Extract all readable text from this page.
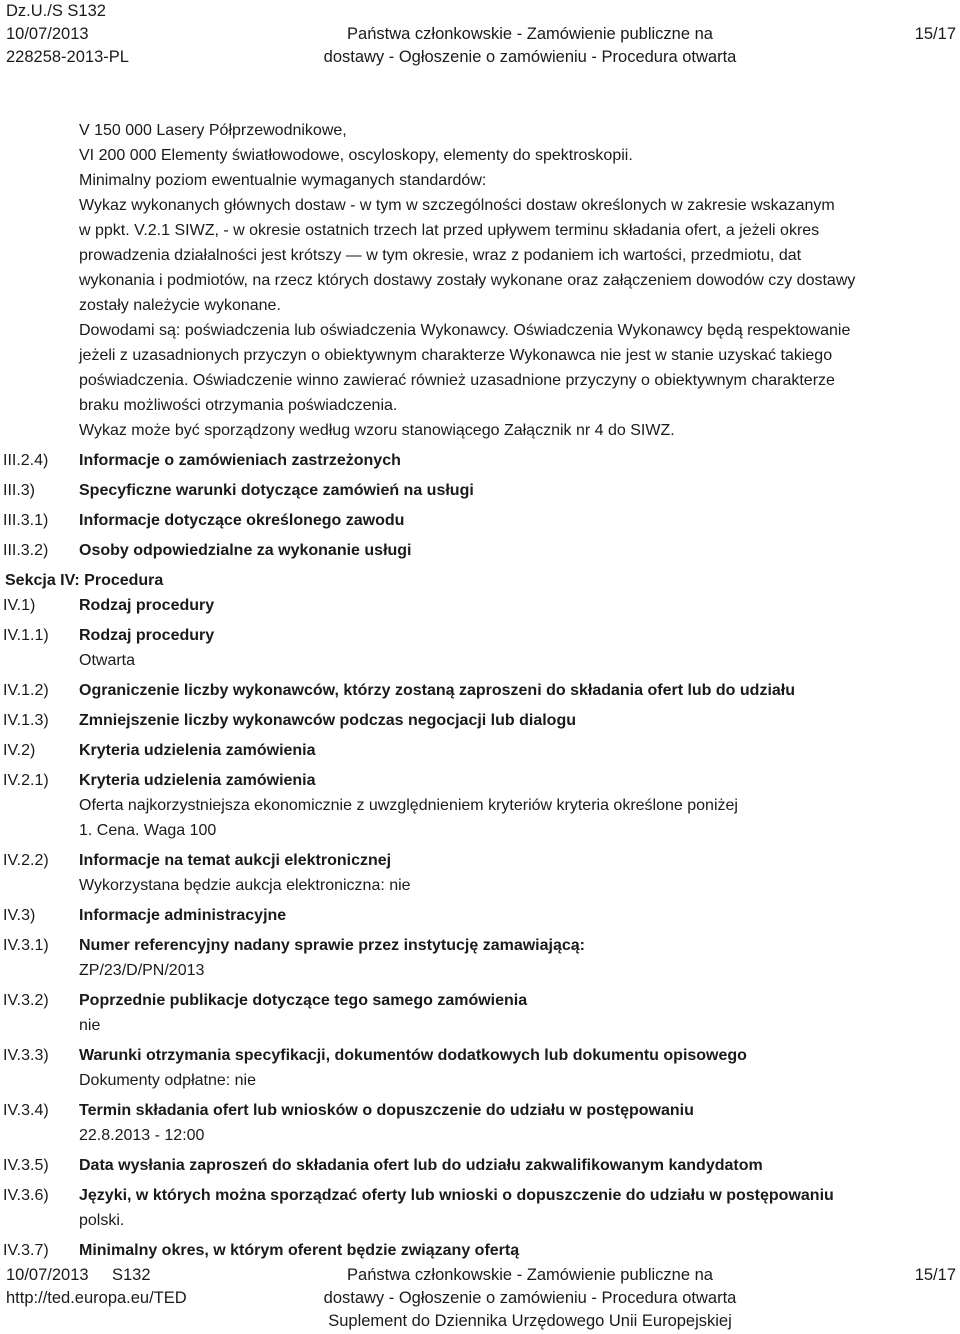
Dz.U./S S132
10/07/2013
228258-2013-PL
Państwa członkowskie - Zamówienie publiczne na
dostawy - Ogłoszenie o zamówieniu - Procedura otwarta
15/17
V 150 000 Lasery Półprzewodnikowe,
VI 200 000 Elementy światłowodowe, oscyloskopy, elementy do spektroskopii.
Minimalny poziom ewentualnie wymaganych standardów:
Wykaz wykonanych głównych dostaw - w tym w szczególności dostaw określonych w zakresie wskazanym
w ppkt. V.2.1 SIWZ, - w okresie ostatnich trzech lat przed upływem terminu składania ofert, a jeżeli okres
prowadzenia działalności jest krótszy — w tym okresie, wraz z podaniem ich wartości, przedmiotu, dat
wykonania i podmiotów, na rzecz których dostawy zostały wykonane oraz załączeniem dowodów czy dostawy
zostały należycie wykonane.
Dowodami są: poświadczenia lub oświadczenia Wykonawcy. Oświadczenia Wykonawcy będą respektowanie
jeżeli z uzasadnionych przyczyn o obiektywnym charakterze Wykonawca nie jest w stanie uzyskać takiego
poświadczenia. Oświadczenie winno zawierać również uzasadnione przyczyny o obiektywnym charakterze
braku możliwości otrzymania poświadczenia.
Wykaz może być sporządzony według wzoru stanowiącego Załącznik nr 4 do SIWZ.
III.2.4) Informacje o zamówieniach zastrzeżonych
III.3)	Specyficzne warunki dotyczące zamówień na usługi
III.3.1) Informacje dotyczące określonego zawodu
III.3.2) Osoby odpowiedzialne za wykonanie usługi
Sekcja IV: Procedura
IV.1)	Rodzaj procedury
IV.1.1) Rodzaj procedury
Otwarta
IV.1.2) Ograniczenie liczby wykonawców, którzy zostaną zaproszeni do składania ofert lub do udziału
IV.1.3) Zmniejszenie liczby wykonawców podczas negocjacji lub dialogu
IV.2)	Kryteria udzielenia zamówienia
IV.2.1) Kryteria udzielenia zamówienia
Oferta najkorzystniejsza ekonomicznie z uwzględnieniem kryteriów kryteria określone poniżej
1. Cena. Waga 100
IV.2.2) Informacje na temat aukcji elektronicznej
Wykorzystana będzie aukcja elektroniczna: nie
IV.3)	Informacje administracyjne
IV.3.1) Numer referencyjny nadany sprawie przez instytucję zamawiającą:
ZP/23/D/PN/2013
IV.3.2) Poprzednie publikacje dotyczące tego samego zamówienia
nie
IV.3.3) Warunki otrzymania specyfikacji, dokumentów dodatkowych lub dokumentu opisowego
Dokumenty odpłatne: nie
IV.3.4) Termin składania ofert lub wniosków o dopuszczenie do udziału w postępowaniu
22.8.2013 - 12:00
IV.3.5) Data wysłania zaproszeń do składania ofert lub do udziału zakwalifikowanym kandydatom
IV.3.6) Języki, w których można sporządzać oferty lub wnioski o dopuszczenie do udziału w postępowaniu
polski.
IV.3.7) Minimalny okres, w którym oferent będzie związany ofertą
10/07/2013 S132
http://ted.europa.eu/TED
Państwa członkowskie - Zamówienie publiczne na
dostawy - Ogłoszenie o zamówieniu - Procedura otwarta
Suplement do Dziennika Urzędowego Unii Europejskiej
15/17
